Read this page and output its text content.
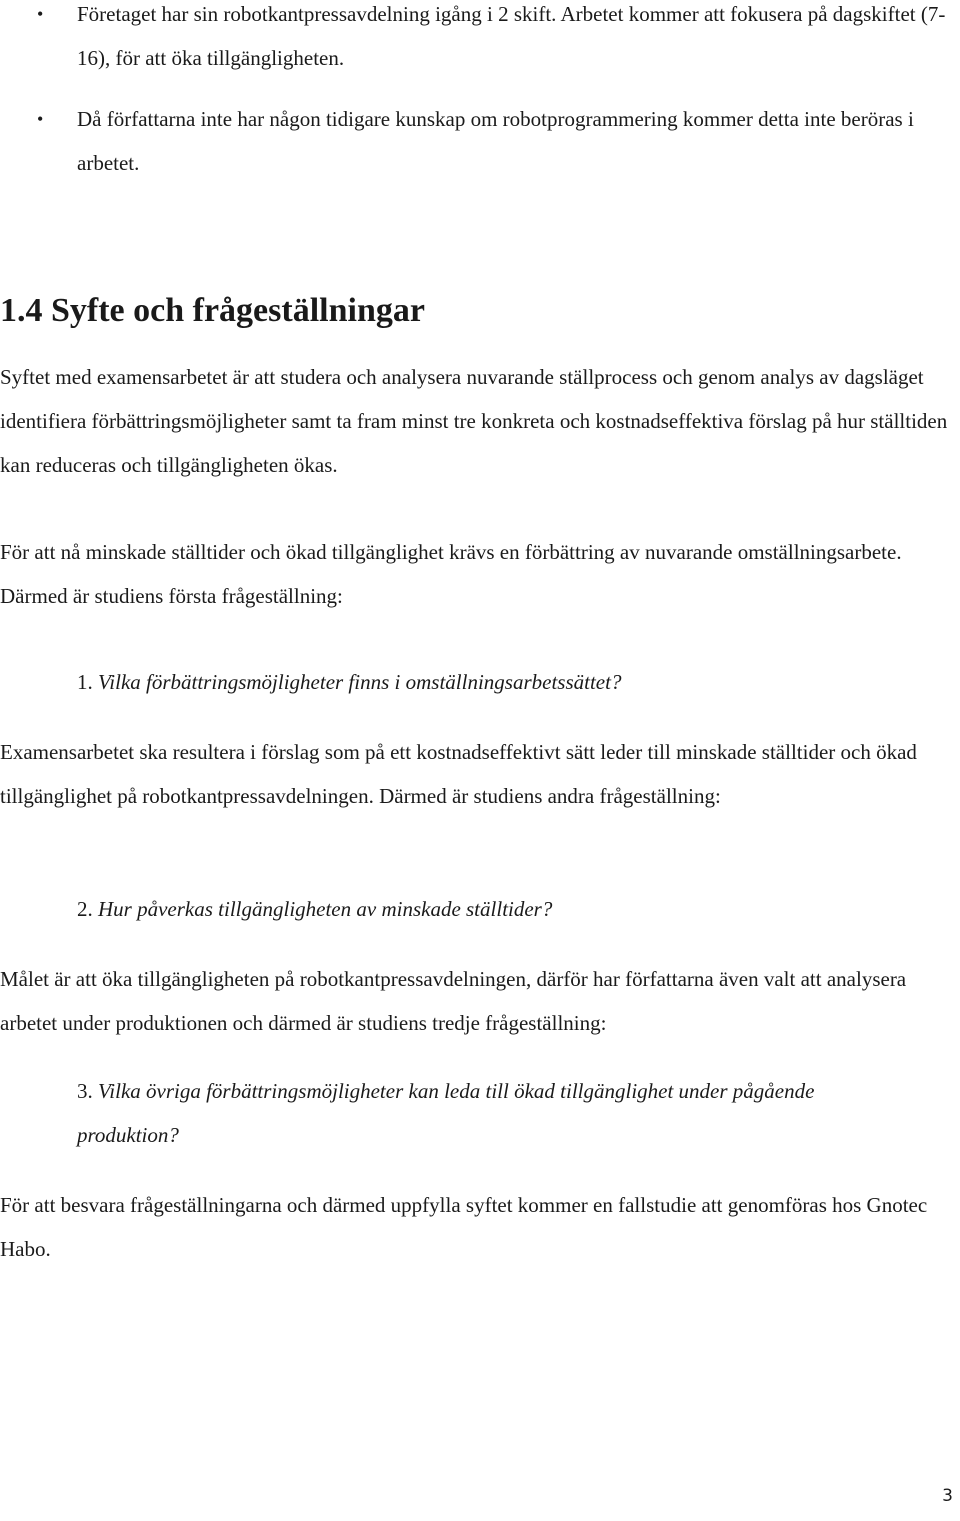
• Företaget har sin robotkantpressavdelning igång i 2 skift. Arbetet kommer att fokusera på dagskiftet (7-16), för att öka tillgängligheten.
• Då författarna inte har någon tidigare kunskap om robotprogrammering kommer detta inte beröras i arbetet.
1.4 Syfte och frågeställningar
Syftet med examensarbetet är att studera och analysera nuvarande ställprocess och genom analys av dagsläget identifiera förbättringsmöjligheter samt ta fram minst tre konkreta och kostnadseffektiva förslag på hur ställtiden kan reduceras och tillgängligheten ökas.
För att nå minskade ställtider och ökad tillgänglighet krävs en förbättring av nuvarande omställningsarbete. Därmed är studiens första frågeställning:
1. Vilka förbättringsmöjligheter finns i omställningsarbetssättet?
Examensarbetet ska resultera i förslag som på ett kostnadseffektivt sätt leder till minskade ställtider och ökad tillgänglighet på robotkantpressavdelningen. Därmed är studiens andra frågeställning:
2. Hur påverkas tillgängligheten av minskade ställtider?
Målet är att öka tillgängligheten på robotkantpressavdelningen, därför har författarna även valt att analysera arbetet under produktionen och därmed är studiens tredje frågeställning:
3. Vilka övriga förbättringsmöjligheter kan leda till ökad tillgänglighet under pågående produktion?
För att besvara frågeställningarna och därmed uppfylla syftet kommer en fallstudie att genomföras hos Gnotec Habo.
3
